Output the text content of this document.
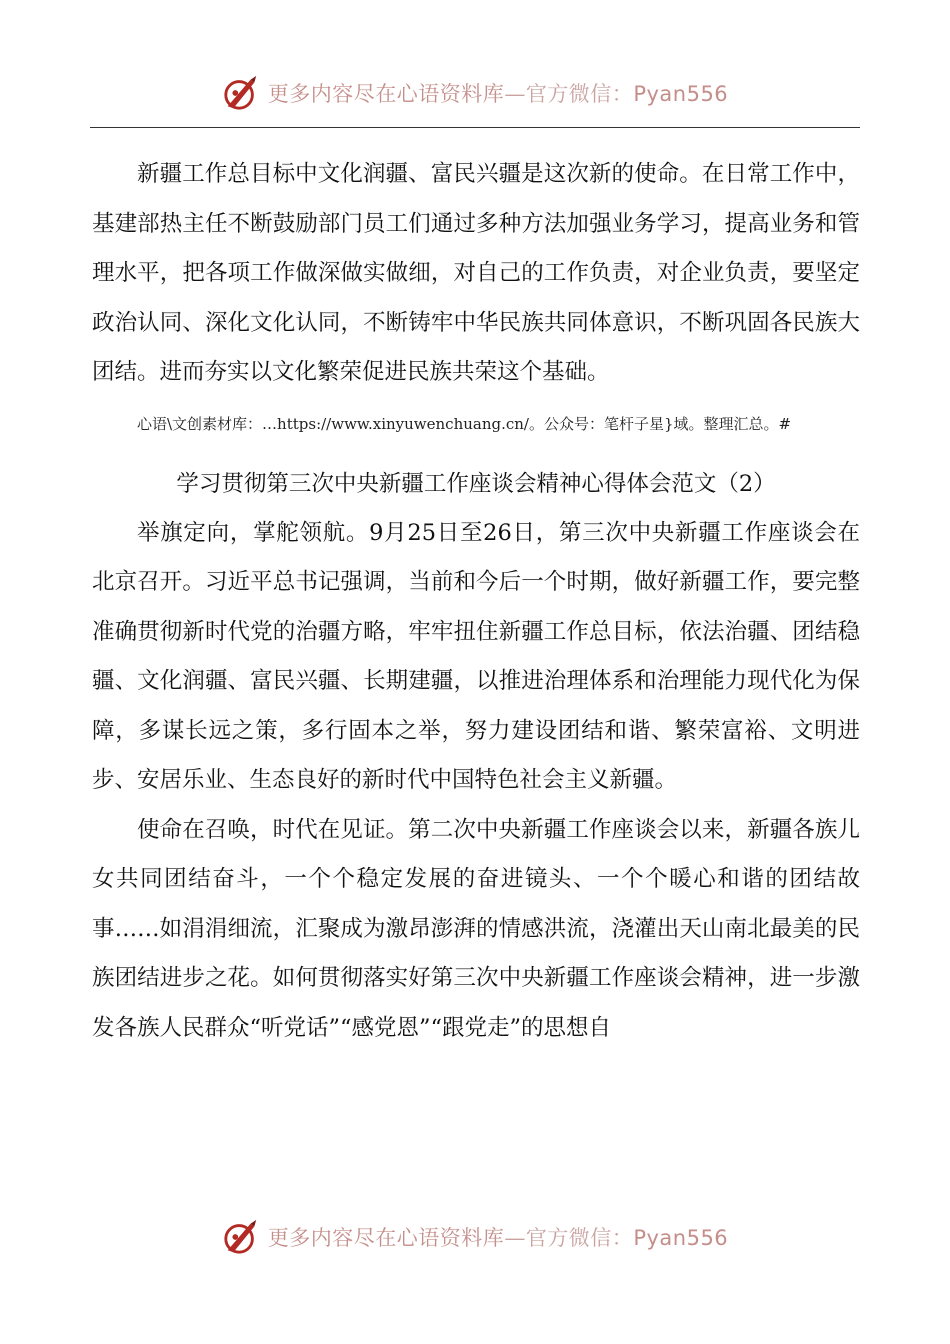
更多内容尽在心语资料库—官方微信：Pyan556

新疆工作总目标中文化润疆、富民兴疆是这次新的使命。在日常工作中，基建部热主任不断鼓励部门员工们通过多种方法加强业务学习，提高业务和管理水平，把各项工作做深做实做细，对自己的工作负责，对企业负责，要坚定政治认同、深化文化认同，不断铸牢中华民族共同体意识，不断巩固各民族大团结。进而夯实以文化繁荣促进民族共荣这个基础。

心语\文创素材库：…https://www.xinyuwenchuang.cn/。公众号：笔杆子星}域。整理汇总。#

学习贯彻第三次中央新疆工作座谈会精神心得体会范文（2）

举旗定向，掌舵领航。9月25日至26日，第三次中央新疆工作座谈会在北京召开。习近平总书记强调，当前和今后一个时期，做好新疆工作，要完整准确贯彻新时代党的治疆方略，牢牢扭住新疆工作总目标，依法治疆、团结稳疆、文化润疆、富民兴疆、长期建疆，以推进治理体系和治理能力现代化为保障，多谋长远之策，多行固本之举，努力建设团结和谐、繁荣富裕、文明进步、安居乐业、生态良好的新时代中国特色社会主义新疆。

使命在召唤，时代在见证。第二次中央新疆工作座谈会以来，新疆各族儿女共同团结奋斗，一个个稳定发展的奋进镜头、一个个暖心和谐的团结故事……如涓涓细流，汇聚成为激昂澎湃的情感洪流，浇灌出天山南北最美的民族团结进步之花。如何贯彻落实好第三次中央新疆工作座谈会精神，进一步激发各族人民群众“听党话”“感党恩”“跟党走”的思想自

更多内容尽在心语资料库—官方微信：Pyan556
